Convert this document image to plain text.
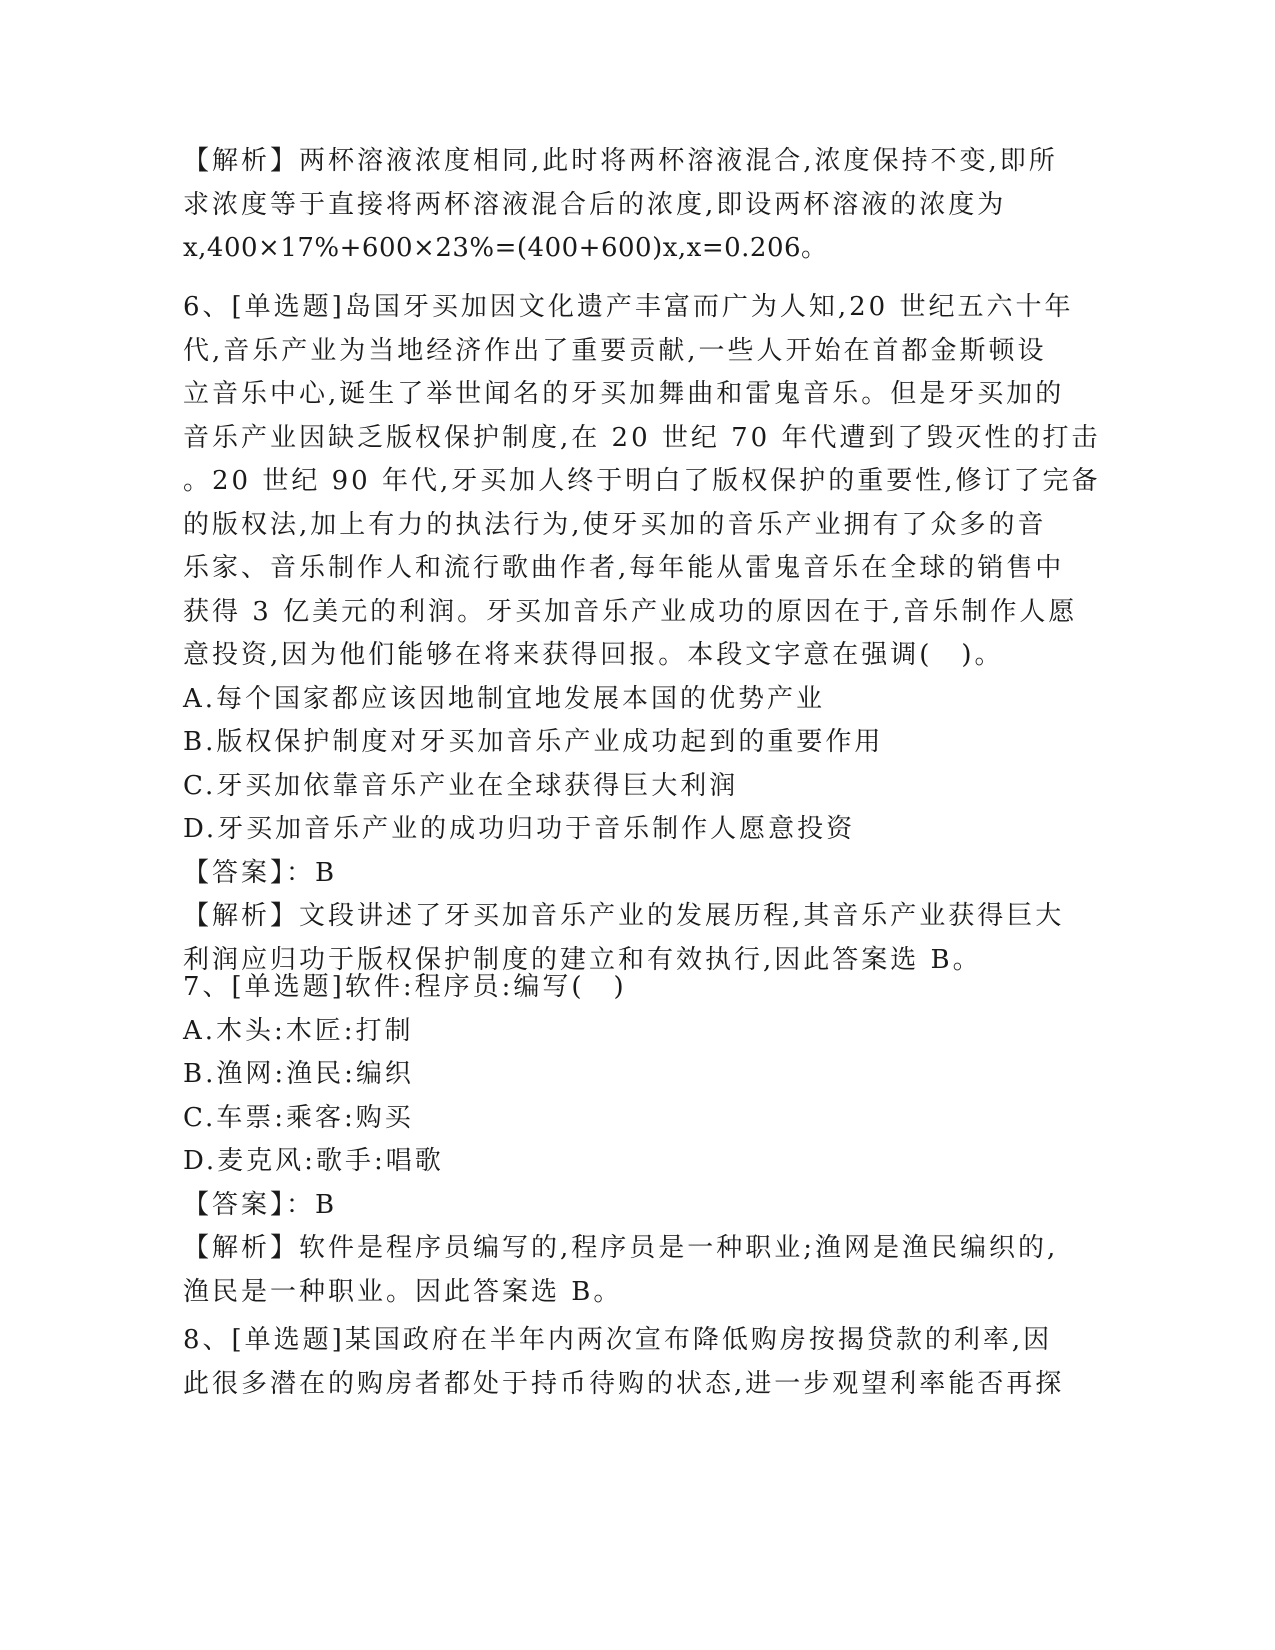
【解析】两杯溶液浓度相同,此时将两杯溶液混合,浓度保持不变,即所
求浓度等于直接将两杯溶液混合后的浓度,即设两杯溶液的浓度为
x,400×17%+600×23%=(400+600)x,x=0.206。
6、[单选题]岛国牙买加因文化遗产丰富而广为人知,20 世纪五六十年
代,音乐产业为当地经济作出了重要贡献,一些人开始在首都金斯顿设
立音乐中心,诞生了举世闻名的牙买加舞曲和雷鬼音乐。但是牙买加的
音乐产业因缺乏版权保护制度,在 20 世纪 70 年代遭到了毁灭性的打击
。20 世纪 90 年代,牙买加人终于明白了版权保护的重要性,修订了完备
的版权法,加上有力的执法行为,使牙买加的音乐产业拥有了众多的音
乐家、音乐制作人和流行歌曲作者,每年能从雷鬼音乐在全球的销售中
获得 3 亿美元的利润。牙买加音乐产业成功的原因在于,音乐制作人愿
意投资,因为他们能够在将来获得回报。本段文字意在强调(　)。
A.每个国家都应该因地制宜地发展本国的优势产业
B.版权保护制度对牙买加音乐产业成功起到的重要作用
C.牙买加依靠音乐产业在全球获得巨大利润
D.牙买加音乐产业的成功归功于音乐制作人愿意投资
【答案】：B
【解析】文段讲述了牙买加音乐产业的发展历程,其音乐产业获得巨大
利润应归功于版权保护制度的建立和有效执行,因此答案选 B。
7、[单选题]软件:程序员:编写(　)
A.木头:木匠:打制
B.渔网:渔民:编织
C.车票:乘客:购买
D.麦克风:歌手:唱歌
【答案】：B
【解析】软件是程序员编写的,程序员是一种职业;渔网是渔民编织的,
渔民是一种职业。因此答案选 B。
8、[单选题]某国政府在半年内两次宣布降低购房按揭贷款的利率,因
此很多潜在的购房者都处于持币待购的状态,进一步观望利率能否再探
